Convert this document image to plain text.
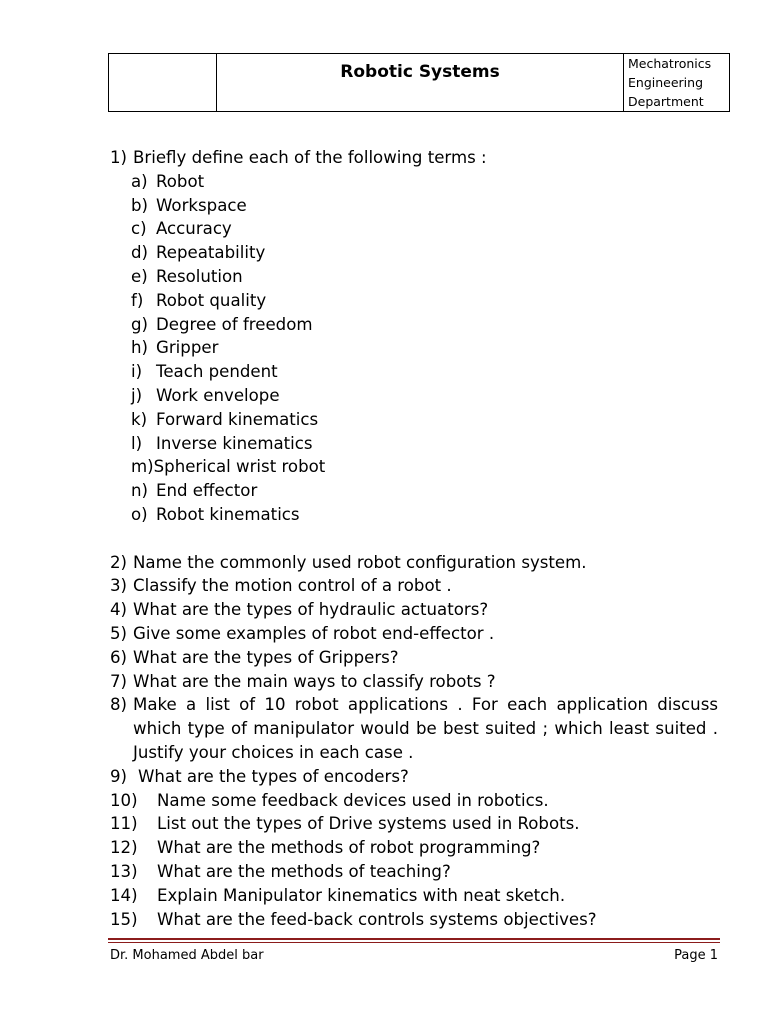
	Robotic Systems	Mechatronics
Engineering
Department
1) Briefly define each of the following terms :
a) Robot
b) Workspace
c) Accuracy
d) Repeatability
e) Resolution
f) Robot quality
g) Degree of freedom
h) Gripper
i) Teach pendent
j) Work envelope
k) Forward kinematics
l) Inverse kinematics
m) Spherical wrist robot
n) End effector
o) Robot kinematics
2) Name the commonly used robot configuration system.
3) Classify the motion control of a robot .
4) What are the types of hydraulic actuators?
5) Give some examples of robot end-effector .
6) What are the types of Grippers?
7) What are the main ways to classify robots ?
8) Make a list of 10 robot applications . For each application discuss which type of manipulator would be best suited ; which least suited . Justify your choices in each case .
9) What are the types of encoders?
10)	Name some feedback devices used in robotics.
11)	List out the types of Drive systems used in Robots.
12)	What are the methods of robot programming?
13)	What are the methods of teaching?
14)	Explain Manipulator kinematics with neat sketch.
15)	What are the feed-back controls systems objectives?
Dr. Mohamed Abdel bar	Page 1
